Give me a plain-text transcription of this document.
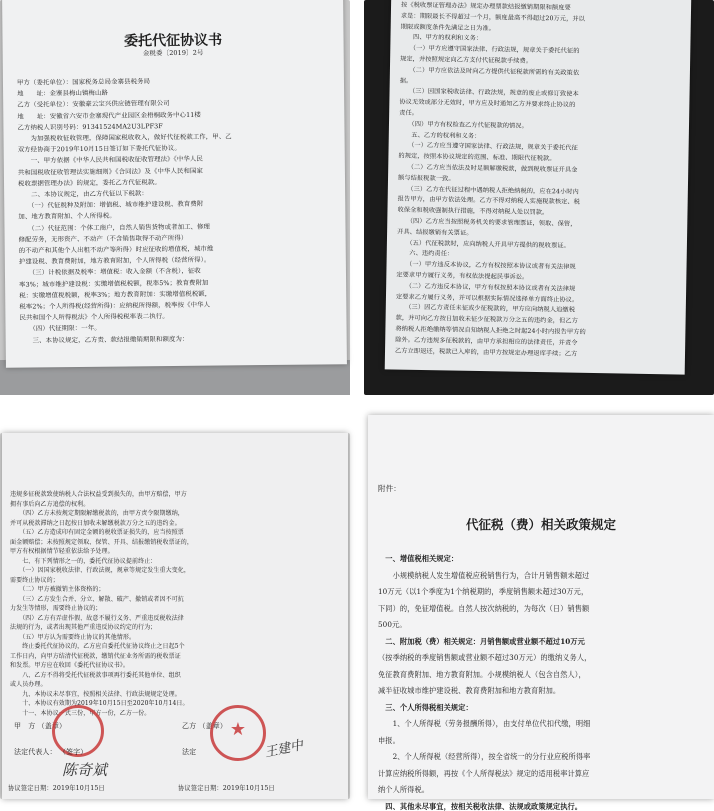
委托代征协议书
金税委〔2019〕2号
甲方（委托单位）：国家税务总局金寨县税务局
地　　址：金寨县梅山镇梅山路
乙方（受托单位）：安徽豪云宝兴供应链管理有限公司
地　　址：安徽省六安市金寨现代产业园区金梧桐政务中心11楼
乙方纳税人识别号码：91341524MA2U3LPF3F
　　为加强税收征收管理，保障国家税收收入，做好代征税款工作，甲、乙
双方经协商于2019年10月15日签订如下委托代征协议。
　　一、甲方依据《中华人民共和国税收征收管理法》《中华人民
共和国税收征收管理法实施细则》《合同法》及《中华人民和国家
税收票据管理办法》的规定，委托乙方代征税款。
　　二、本协议规定，由乙方代征以下税款：
　　（一）代征税种及附加：增值税、城市维护建设税、教育费附
加、地方教育附加、个人所得税。
　　（二）代征范围：个体工商户，自然人销售货物或者加工、修理
修配劳务，无形资产、不动产（不含销售取得不动产所得）
的不动产和其他个人出租不动产等所得）时应征收的增值税，城市维
护建设税、教育费附加，地方教育附加，个人所得税（经营所得）。
　　（三）计税依据及税率：增值税：收入金额（不含税），征收
率3%；城市维护建设税：实缴增值税税额，税率5%；教育费附加
税：实缴增值税税额，税率3%；地方教育附加：实缴增值税税额，
税率2%；个人所得税(经营所得)：应纳税所得额，税率按《中华人
民共和国个人所得税法》个人所得税税率表二执行。
　　（四）代征期限：一年。
　　三、本协议规定，乙方责、款结报缴销期限和额度为：
按《税收票证管理办法》规定办理票款结报缴销期限和额度要
求是：期限最长不得超过一个月，额度最高不得超过20万元，并以
期限或额度条件先满足之日为准。
　　四、甲方的权利和义务：
　　（一）甲方应遵守国家法律、行政法规，规章关于委托代征的
规定，并按照规定向乙方支付代征税款手续费。
　　（二）甲方应依法及时向乙方提供代征税款所需的有关政策依
据。
　　（三）因国家税收法律、行政法规，规章的废止或修订致使本
协议无效或部分无效时，甲方应及时通知乙方并要求终止协议的
责任。
　　（四）甲方有权检查乙方代征税款的情况。
　　五、乙方的权利和义务：
　　（一）乙方应当遵守国家法律、行政法规，规章关于委托代征
的规定，按照本协议规定的范围、标准、期限代征税款。
　　（二）乙方应当依法及时足额解缴税款，做到税收票证开具金
额与结报税款一致。
　　（三）乙方在代征过程中遇纳税人拒绝纳税的，应在24小时内
报告甲方，由甲方依法处理。乙方不得对纳税人实施税款核定、税
收保全和税收强制执行措施，不得对纳税人处以罚款。
　　（四）乙方应当按照税务机关的要求管理票证，领取、保管，
开具、结报缴销有关票证。
　　（五）代征税款时，应向纳税人开具甲方提供的税收票证。
　　六、违约责任：
　　（一）甲方违反本协议，乙方有权按照本协议或者有关法律规
定要求甲方履行义务，有权依法提起民事诉讼。
　　（二）乙方违反本协议，甲方有权按照本协议或者有关法律规
定要求乙方履行义务，并可以根据实际情况选择单方面终止协议。
　　（三）因乙方责任未征或少征税款的，甲方应向纳税人追缴税
款，并可向乙方按日加收未征少征税款万分之五的违约金，但乙方
将纳税人拒绝缴纳等情况自知纳税人拒绝之时起24小时内报告甲方的
除外。乙方违规多征税款的，由甲方承担相应的法律责任，并责令
乙方立即退还，税款已入库的，由甲方按规定办理退库手续；乙方
违规多征税款致使纳税人合法权益受到损失的，由甲方赔偿，甲方
拥有事后向乙方追偿的权利。
　　（四）乙方未按规定期限解缴税款的，由甲方责令限期缴纳，
并可从税款滞纳之日起按日加收未解缴税款万分之五的违约金。
　　（五）乙方造成印有固定金额的税收票证损失的，应当按照票
面金额赔偿；未按照规定领取、保管、开具、结报缴销税收票证的，
甲方有权根据情节轻重依法给予处理。
　　七、有下列情形之一的，委托代征协议提前终止：
　　（一）因国家税收法律、行政法规，规章等规定发生重大变化，
需要终止协议的；
　　（二）甲方被撤销主体资格的；
　　（三）乙方发生合并、分立、解散、破产、撤销或者因不可抗
力发生等情形，需要终止协议的；
　　（四）乙方有弄虚作假、故意不履行义务、严重违反税收法律
法规的行为，或者出现其他严重违反协议约定的行为；
　　（五）甲方认为需要终止协议的其他情形。
　　终止委托代征协议的，乙方应自委托代征协议终止之日起5个
工作日内，向甲方结清代征税款，缴销代征业务所需的税收票证
和发票。甲方应在收回《委托代征协议书》。
　　八、乙方不得将受托代征税款事项再行委托其他单位、组织
或人员办理。
　　九、本协议未尽事宜，按照相关法律、行政法规规定处理。
　　十、本协议有效期为2019年10月15日至2020年10月14日。
　　十一、本协议一式三份，甲方一份，乙方一份。
甲　方 （盖章）	乙方 （盖章） ★
法定代表人： （签字）	法定
陈奇斌
王建中
协议签定日期：2019年10月15日	协议签定日期：2019年10月15日
附件：
代征税（费）相关政策规定
　一、增值税相关规定：
　　小规模纳税人发生增值税应税销售行为，合计月销售额未超过
10万元（以1个季度为1个纳税期的，季度销售额未超过30万元，
下同）的，免征增值税。自然人按次纳税的，为每次（日）销售额
500元。
　二、附加税（费）相关规定：月销售额或营业额不超过10万元
（按季纳税的季度销售额或营业额不超过30万元）的缴纳义务人，
免征教育费附加、地方教育附加。小规模纳税人（包含自然人），
减半征收城市维护建设税、教育费附加和地方教育附加。
　三、个人所得税相关规定：
　　1、个人所得税（劳务报酬所得），由支付单位代扣代缴，明细
申报。
　　2、个人所得税（经营所得），按全省统一的分行业应税所得率
计算应纳税所得额，再按《个人所得税法》规定的适用税率计算应
纳个人所得税。
　四、其他未尽事宜，按相关税收法律、法规或政策规定执行。
